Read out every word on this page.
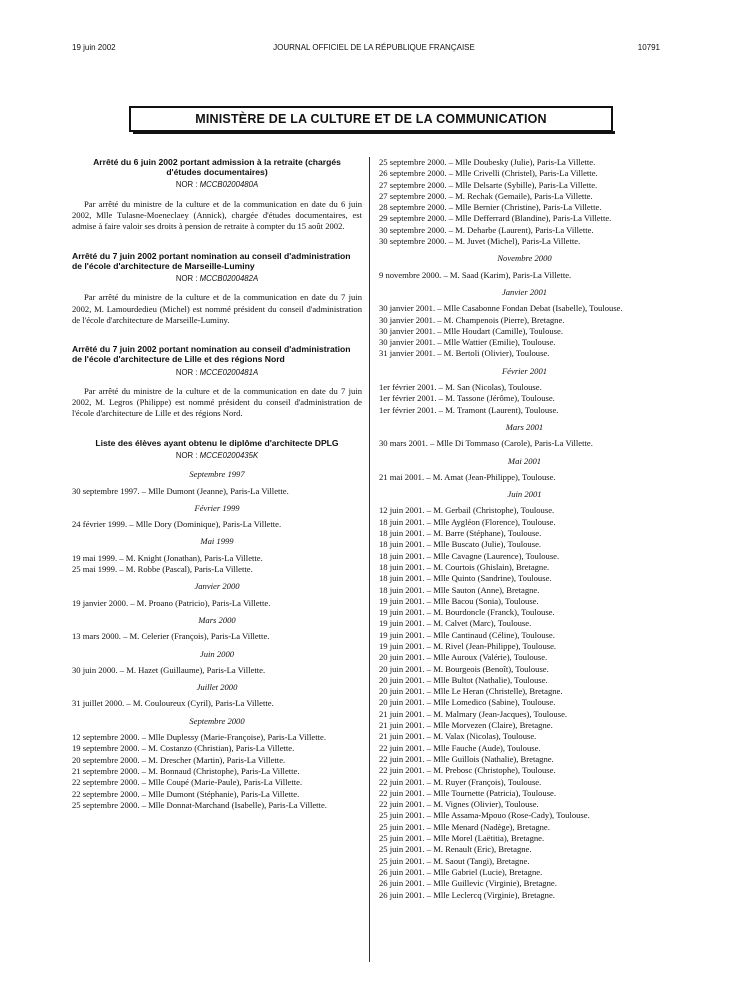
19 juin 2002	JOURNAL OFFICIEL DE LA RÉPUBLIQUE FRANÇAISE	10791
MINISTÈRE DE LA CULTURE ET DE LA COMMUNICATION
Arrêté du 6 juin 2002 portant admission à la retraite (chargés d'études documentaires)
NOR : MCCB0200480A
Par arrêté du ministre de la culture et de la communication en date du 6 juin 2002, Mlle Tulasne-Moeneclaey (Annick), chargée d'études documentaires, est admise à faire valoir ses droits à pension de retraite à compter du 15 août 2002.
Arrêté du 7 juin 2002 portant nomination au conseil d'administration de l'école d'architecture de Marseille-Luminy
NOR : MCCB0200482A
Par arrêté du ministre de la culture et de la communication en date du 7 juin 2002, M. Lamourdedieu (Michel) est nommé président du conseil d'administration de l'école d'architecture de Marseille-Luminy.
Arrêté du 7 juin 2002 portant nomination au conseil d'administration de l'école d'architecture de Lille et des régions Nord
NOR : MCCE0200481A
Par arrêté du ministre de la culture et de la communication en date du 7 juin 2002, M. Legros (Philippe) est nommé président du conseil d'administration de l'école d'architecture de Lille et des régions Nord.
Liste des élèves ayant obtenu le diplôme d'architecte DPLG
NOR : MCCE0200435K
Septembre 1997
30 septembre 1997. – Mlle Dumont (Jeanne), Paris-La Villette.
Février 1999
24 février 1999. – Mlle Dory (Dominique), Paris-La Villette.
Mai 1999
19 mai 1999. – M. Knight (Jonathan), Paris-La Villette.
25 mai 1999. – M. Robbe (Pascal), Paris-La Villette.
Janvier 2000
19 janvier 2000. – M. Proano (Patricio), Paris-La Villette.
Mars 2000
13 mars 2000. – M. Celerier (François), Paris-La Villette.
Juin 2000
30 juin 2000. – M. Hazet (Guillaume), Paris-La Villette.
Juillet 2000
31 juillet 2000. – M. Couloureux (Cyril), Paris-La Villette.
Septembre 2000
12 septembre 2000. – Mlle Duplessy (Marie-Françoise), Paris-La Villette.
19 septembre 2000. – M. Costanzo (Christian), Paris-La Villette.
20 septembre 2000. – M. Drescher (Martin), Paris-La Villette.
21 septembre 2000. – M. Bonnaud (Christophe), Paris-La Villette.
22 septembre 2000. – Mlle Coupé (Marie-Paule), Paris-La Villette.
22 septembre 2000. – Mlle Dumont (Stéphanie), Paris-La Villette.
25 septembre 2000. – Mlle Donnat-Marchand (Isabelle), Paris-La Villette.
25 septembre 2000. – Mlle Doubesky (Julie), Paris-La Villette.
26 septembre 2000. – Mlle Crivelli (Christel), Paris-La Villette.
27 septembre 2000. – Mlle Delsarte (Sybille), Paris-La Villette.
27 septembre 2000. – M. Rechak (Gemaile), Paris-La Villette.
28 septembre 2000. – Mlle Bernier (Christine), Paris-La Villette.
29 septembre 2000. – Mlle Defferrard (Blandine), Paris-La Villette.
30 septembre 2000. – M. Deharbe (Laurent), Paris-La Villette.
30 septembre 2000. – M. Juvet (Michel), Paris-La Villette.
Novembre 2000
9 novembre 2000. – M. Saad (Karim), Paris-La Villette.
Janvier 2001
30 janvier 2001. – Mlle Casabonne Fondan Debat (Isabelle), Toulouse.
30 janvier 2001. – M. Champenois (Pierre), Bretagne.
30 janvier 2001. – Mlle Houdart (Camille), Toulouse.
30 janvier 2001. – Mlle Wattier (Emilie), Toulouse.
31 janvier 2001. – M. Bertoli (Olivier), Toulouse.
Février 2001
1er février 2001. – M. San (Nicolas), Toulouse.
1er février 2001. – M. Tassone (Jérôme), Toulouse.
1er février 2001. – M. Tramont (Laurent), Toulouse.
Mars 2001
30 mars 2001. – Mlle Di Tommaso (Carole), Paris-La Villette.
Mai 2001
21 mai 2001. – M. Amat (Jean-Philippe), Toulouse.
Juin 2001
12 juin 2001. – M. Gerbail (Christophe), Toulouse.
18 juin 2001. – Mlle Aygléon (Florence), Toulouse.
18 juin 2001. – M. Barre (Stéphane), Toulouse.
18 juin 2001. – Mlle Buscato (Julie), Toulouse.
18 juin 2001. – Mlle Cavagne (Laurence), Toulouse.
18 juin 2001. – M. Courtois (Ghislain), Bretagne.
18 juin 2001. – Mlle Quinto (Sandrine), Toulouse.
18 juin 2001. – Mlle Sauton (Anne), Bretagne.
19 juin 2001. – Mlle Bacou (Sonia), Toulouse.
19 juin 2001. – M. Bourdoncle (Franck), Toulouse.
19 juin 2001. – M. Calvet (Marc), Toulouse.
19 juin 2001. – Mlle Cantinaud (Céline), Toulouse.
19 juin 2001. – M. Rivel (Jean-Philippe), Toulouse.
20 juin 2001. – Mlle Auroux (Valérie), Toulouse.
20 juin 2001. – M. Bourgeois (Benoît), Toulouse.
20 juin 2001. – Mlle Bultot (Nathalie), Toulouse.
20 juin 2001. – Mlle Le Heran (Christelle), Bretagne.
20 juin 2001. – Mlle Lomedico (Sabine), Toulouse.
21 juin 2001. – M. Malmary (Jean-Jacques), Toulouse.
21 juin 2001. – Mlle Morvezen (Claire), Bretagne.
21 juin 2001. – M. Valax (Nicolas), Toulouse.
22 juin 2001. – Mlle Fauche (Aude), Toulouse.
22 juin 2001. – Mlle Guillois (Nathalie), Bretagne.
22 juin 2001. – M. Prebosc (Christophe), Toulouse.
22 juin 2001. – M. Ruyer (François), Toulouse.
22 juin 2001. – Mlle Tournette (Patricia), Toulouse.
22 juin 2001. – M. Vignes (Olivier), Toulouse.
25 juin 2001. – Mlle Assama-Mpouo (Rose-Cady), Toulouse.
25 juin 2001. – Mlle Menard (Nadège), Bretagne.
25 juin 2001. – Mlle Morel (Laëtitia), Bretagne.
25 juin 2001. – M. Renault (Eric), Bretagne.
25 juin 2001. – M. Saout (Tangi), Bretagne.
26 juin 2001. – Mlle Gabriel (Lucie), Bretagne.
26 juin 2001. – Mlle Guillevic (Virginie), Bretagne.
26 juin 2001. – Mlle Leclercq (Virginie), Bretagne.
